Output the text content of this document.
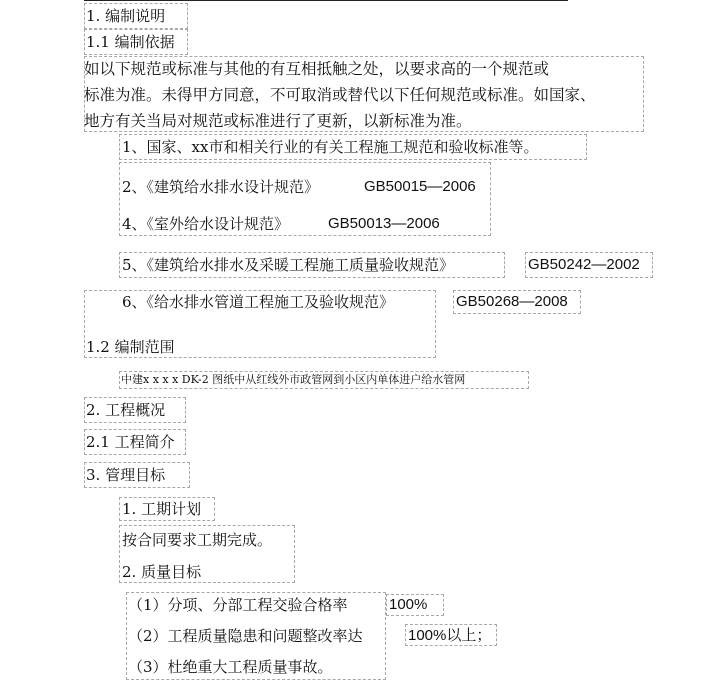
1. 编制说明
1.1 编制依据
如以下规范或标准与其他的有互相抵触之处，以要求高的一个规范或
标准为准。未得甲方同意，不可取消或替代以下任何规范或标准。如国家、
地方有关当局对规范或标准进行了更新，以新标准为准。
1、国家、xx市和相关行业的有关工程施工规范和验收标准等。
2、《建筑给水排水设计规范》	GB50015—2006
4、《室外给水设计规范》	GB50013—2006
5、《建筑给水排水及采暖工程施工质量验收规范》	GB50242—2002
6、《给水排水管道工程施工及验收规范》	GB50268—2008
1.2 编制范围
中建x x x x DK-2 图纸中从红线外市政管网到小区内单体进户给水管网
2. 工程概况
2.1 工程简介
3. 管理目标
1. 工期计划
按合同要求工期完成。
2. 质量目标
（1）分项、分部工程交验合格率	100%
（2）工程质量隐患和问题整改率达	100%以上；
（3）杜绝重大工程质量事故。
